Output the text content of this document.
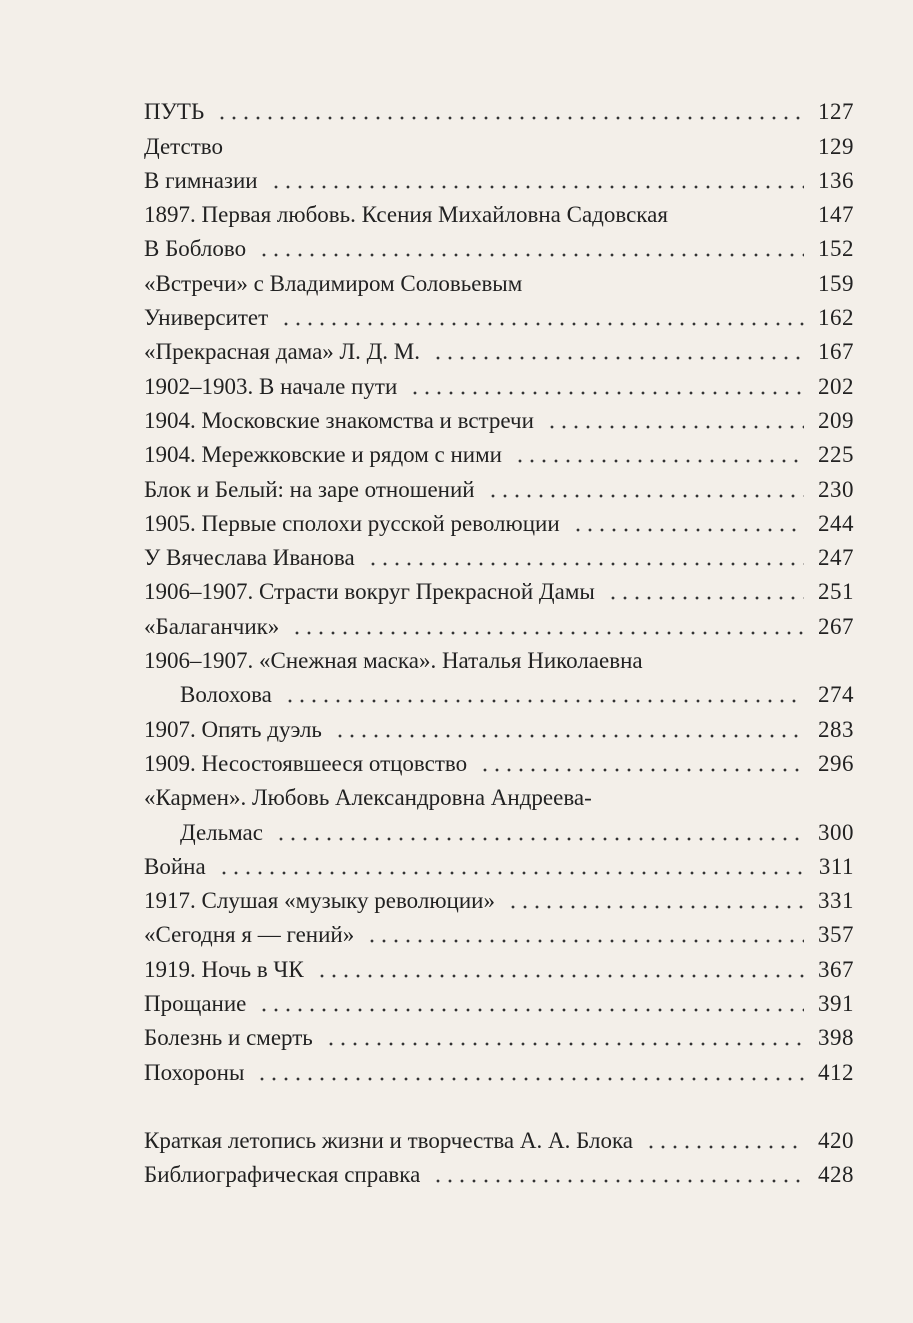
ПУТЬ	127
Детство	129
В гимназии	136
1897. Первая любовь. Ксения Михайловна Садовская	147
В Боблово	152
«Встречи» с Владимиром Соловьевым	159
Университет	162
«Прекрасная дама» Л. Д. М.	167
1902–1903. В начале пути	202
1904. Московские знакомства и встречи	209
1904. Мережковские и рядом с ними	225
Блок и Белый: на заре отношений	230
1905. Первые сполохи русской революции	244
У Вячеслава Иванова	247
1906–1907. Страсти вокруг Прекрасной Дамы	251
«Балаганчик»	267
1906–1907. «Снежная маска». Наталья Николаевна
Волохова	274
1907. Опять дуэль	283
1909. Несостоявшееся отцовство	296
«Кармен». Любовь Александровна Андреева-
Дельмас	300
Война	311
1917. Слушая «музыку революции»	331
«Сегодня я — гений»	357
1919. Ночь в ЧК	367
Прощание	391
Болезнь и смерть	398
Похороны	412
Краткая летопись жизни и творчества А. А. Блока	420
Библиографическая справка	428
